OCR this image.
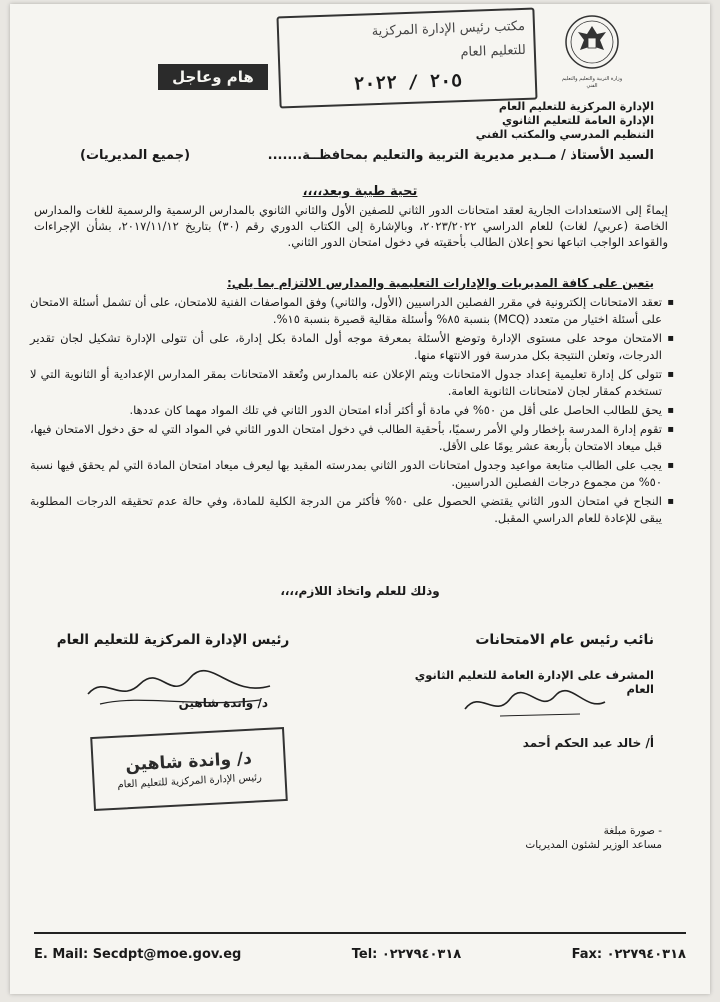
وزارة التربية والتعليم والتعليم الفني
مكتب رئيس الإدارة المركزية
للتعليم العام
٢٠٥ / ٢٠٢٢
هام وعاجل
الإدارة المركزية للتعليم العام
الإدارة العامة للتعليم الثانوي
التنظيم المدرسي والمكتب الفني
السيد الأستاذ / مــدير مديرية التربية والتعليم بمحافظــة.......
(جميع المديريات)
تحية طيبة وبعد،،،،
إيماءً إلى الاستعدادات الجارية لعقد امتحانات الدور الثاني للصفين الأول والثاني الثانوي بالمدارس الرسمية والرسمية للغات والمدارس الخاصة (عربي/ لغات) للعام الدراسي ٢٠٢٣/٢٠٢٢، وبالإشارة إلى الكتاب الدوري رقم (٣٠) بتاريخ ٢٠١٧/١١/١٢، بشأن الإجراءات والقواعد الواجب اتباعها نحو إعلان الطالب بأحقيته في دخول امتحان الدور الثاني.
يتعين على كافة المديريات والإدارات التعليمية والمدارس الالتزام بما يلي:
▪ تعقد الامتحانات إلكترونية في مقرر الفصلين الدراسيين (الأول، والثاني) وفق المواصفات الفنية للامتحان، على أن تشمل أسئلة الامتحان على أسئلة اختيار من متعدد (MCQ) بنسبة ٨٥% وأسئلة مقالية قصيرة بنسبة ١٥%.
▪ الامتحان موحد على مستوى الإدارة وتوضع الأسئلة بمعرفة موجه أول المادة بكل إدارة، على أن تتولى الإدارة تشكيل لجان تقدير الدرجات، وتعلن النتيجة بكل مدرسة فور الانتهاء منها.
▪ تتولى كل إدارة تعليمية إعداد جدول الامتحانات ويتم الإعلان عنه بالمدارس وتُعقد الامتحانات بمقر المدارس الإعدادية أو الثانوية التي لا تستخدم كمقار لجان لامتحانات الثانوية العامة.
▪ يحق للطالب الحاصل على أقل من ٥٠% في مادة أو أكثر أداء امتحان الدور الثاني في تلك المواد مهما كان عددها.
▪ تقوم إدارة المدرسة بإخطار ولي الأمر رسميًا، بأحقية الطالب في دخول امتحان الدور الثاني في المواد التي له حق دخول الامتحان فيها، قبل ميعاد الامتحان بأربعة عشر يومًا على الأقل.
▪ يجب على الطالب متابعة مواعيد وجدول امتحانات الدور الثاني بمدرسته المقيد بها ليعرف ميعاد امتحان المادة التي لم يحقق فيها نسبة ٥٠% من مجموع درجات الفصلين الدراسيين.
▪ النجاح في امتحان الدور الثاني يقتضي الحصول على ٥٠% فأكثر من الدرجة الكلية للمادة، وفي حالة عدم تحقيقه الدرجات المطلوبة يبقى للإعادة للعام الدراسي المقبل.
وذلك للعلم واتخاذ اللازم،،،،
نائب رئيس عام الامتحانات
المشرف على الإدارة العامة للتعليم الثانوي العام
أ/ خالد عبد الحكم أحمد
رئيس الإدارة المركزية للتعليم العام
د/ واندة شاهين
د/ واندة شاهين
رئيس الإدارة المركزية للتعليم العام
- صورة مبلغة
مساعد الوزير لشئون المديريات
E. Mail: Secdpt@moe.gov.eg	Tel: ٠٢٢٧٩٤٠٣١٨	Fax: ٠٢٢٧٩٤٠٣١٨
